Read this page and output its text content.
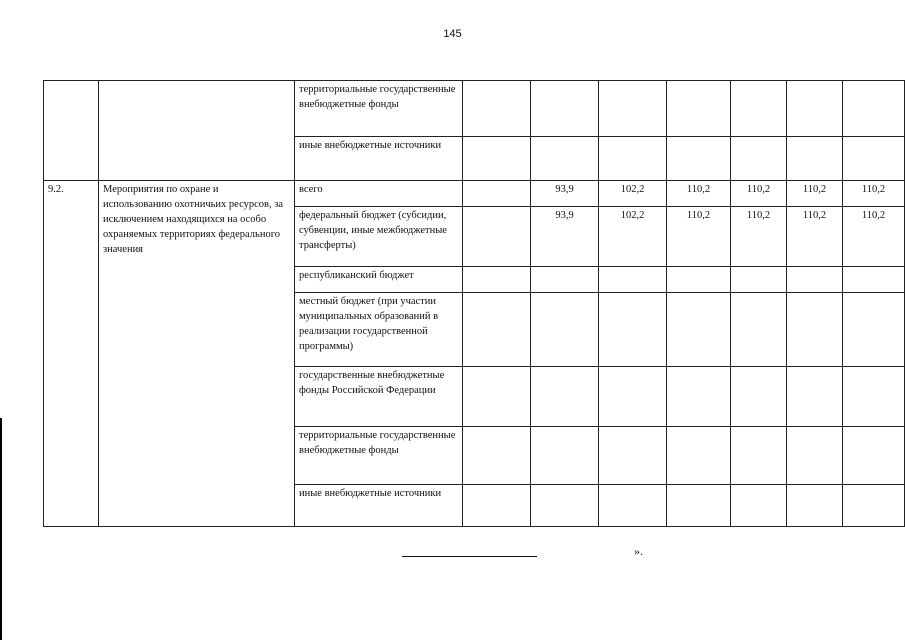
145
		территориальные государственные внебюджетные фонды							
		иные внебюджетные источники							
9.2.	Мероприятия по охране и использованию охотничьих ресурсов, за исключением находящихся на особо охраняемых территориях федерального значения	всего		93,9	102,2	110,2	110,2	110,2	110,2
		федеральный бюджет (субсидии, субвенции, иные межбюджетные трансферты)		93,9	102,2	110,2	110,2	110,2	110,2
		республиканский бюджет							
		местный бюджет (при участии муниципальных образований в реализации государственной программы)							
		государственные внебюджетные фонды Российской Федерации							
		территориальные государственные внебюджетные фонды							
		иные внебюджетные источники							
».
